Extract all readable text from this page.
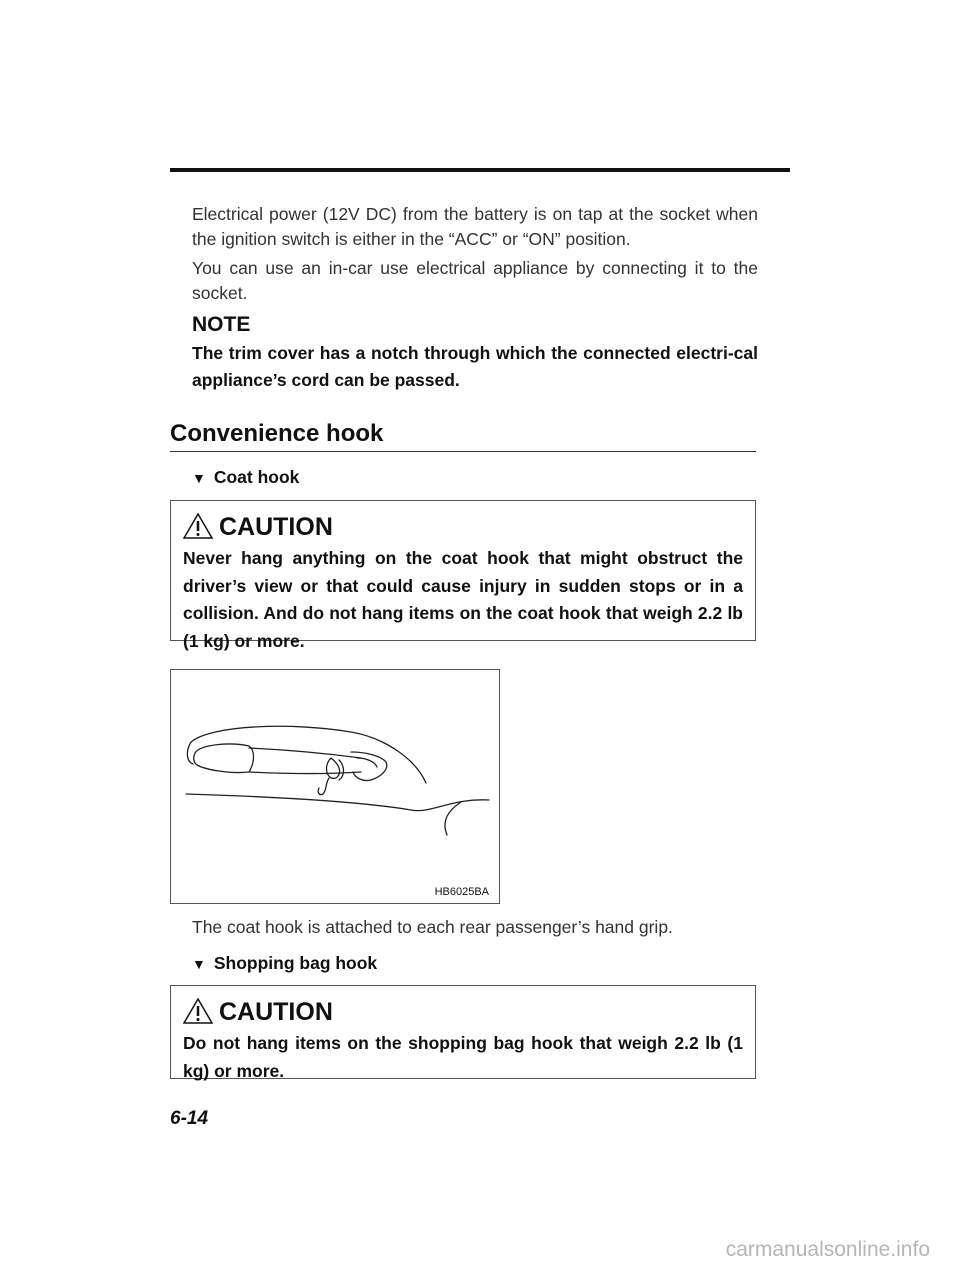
Electrical power (12V DC) from the battery is on tap at the socket when the ignition switch is either in the “ACC” or “ON” position.

You can use an in-car use electrical appliance by connecting it to the socket.

NOTE

The trim cover has a notch through which the connected electri-cal appliance’s cord can be passed.

Convenience hook
▼ Coat hook
CAUTION

Never hang anything on the coat hook that might obstruct the driver’s view or that could cause injury in sudden stops or in a collision. And do not hang items on the coat hook that weigh 2.2 lb (1 kg) or more.

HB6025BA

The coat hook is attached to each rear passenger’s hand grip.

▼ Shopping bag hook
CAUTION

Do not hang items on the shopping bag hook that weigh 2.2 lb (1 kg) or more.

6-14
carmanualsonline.info
